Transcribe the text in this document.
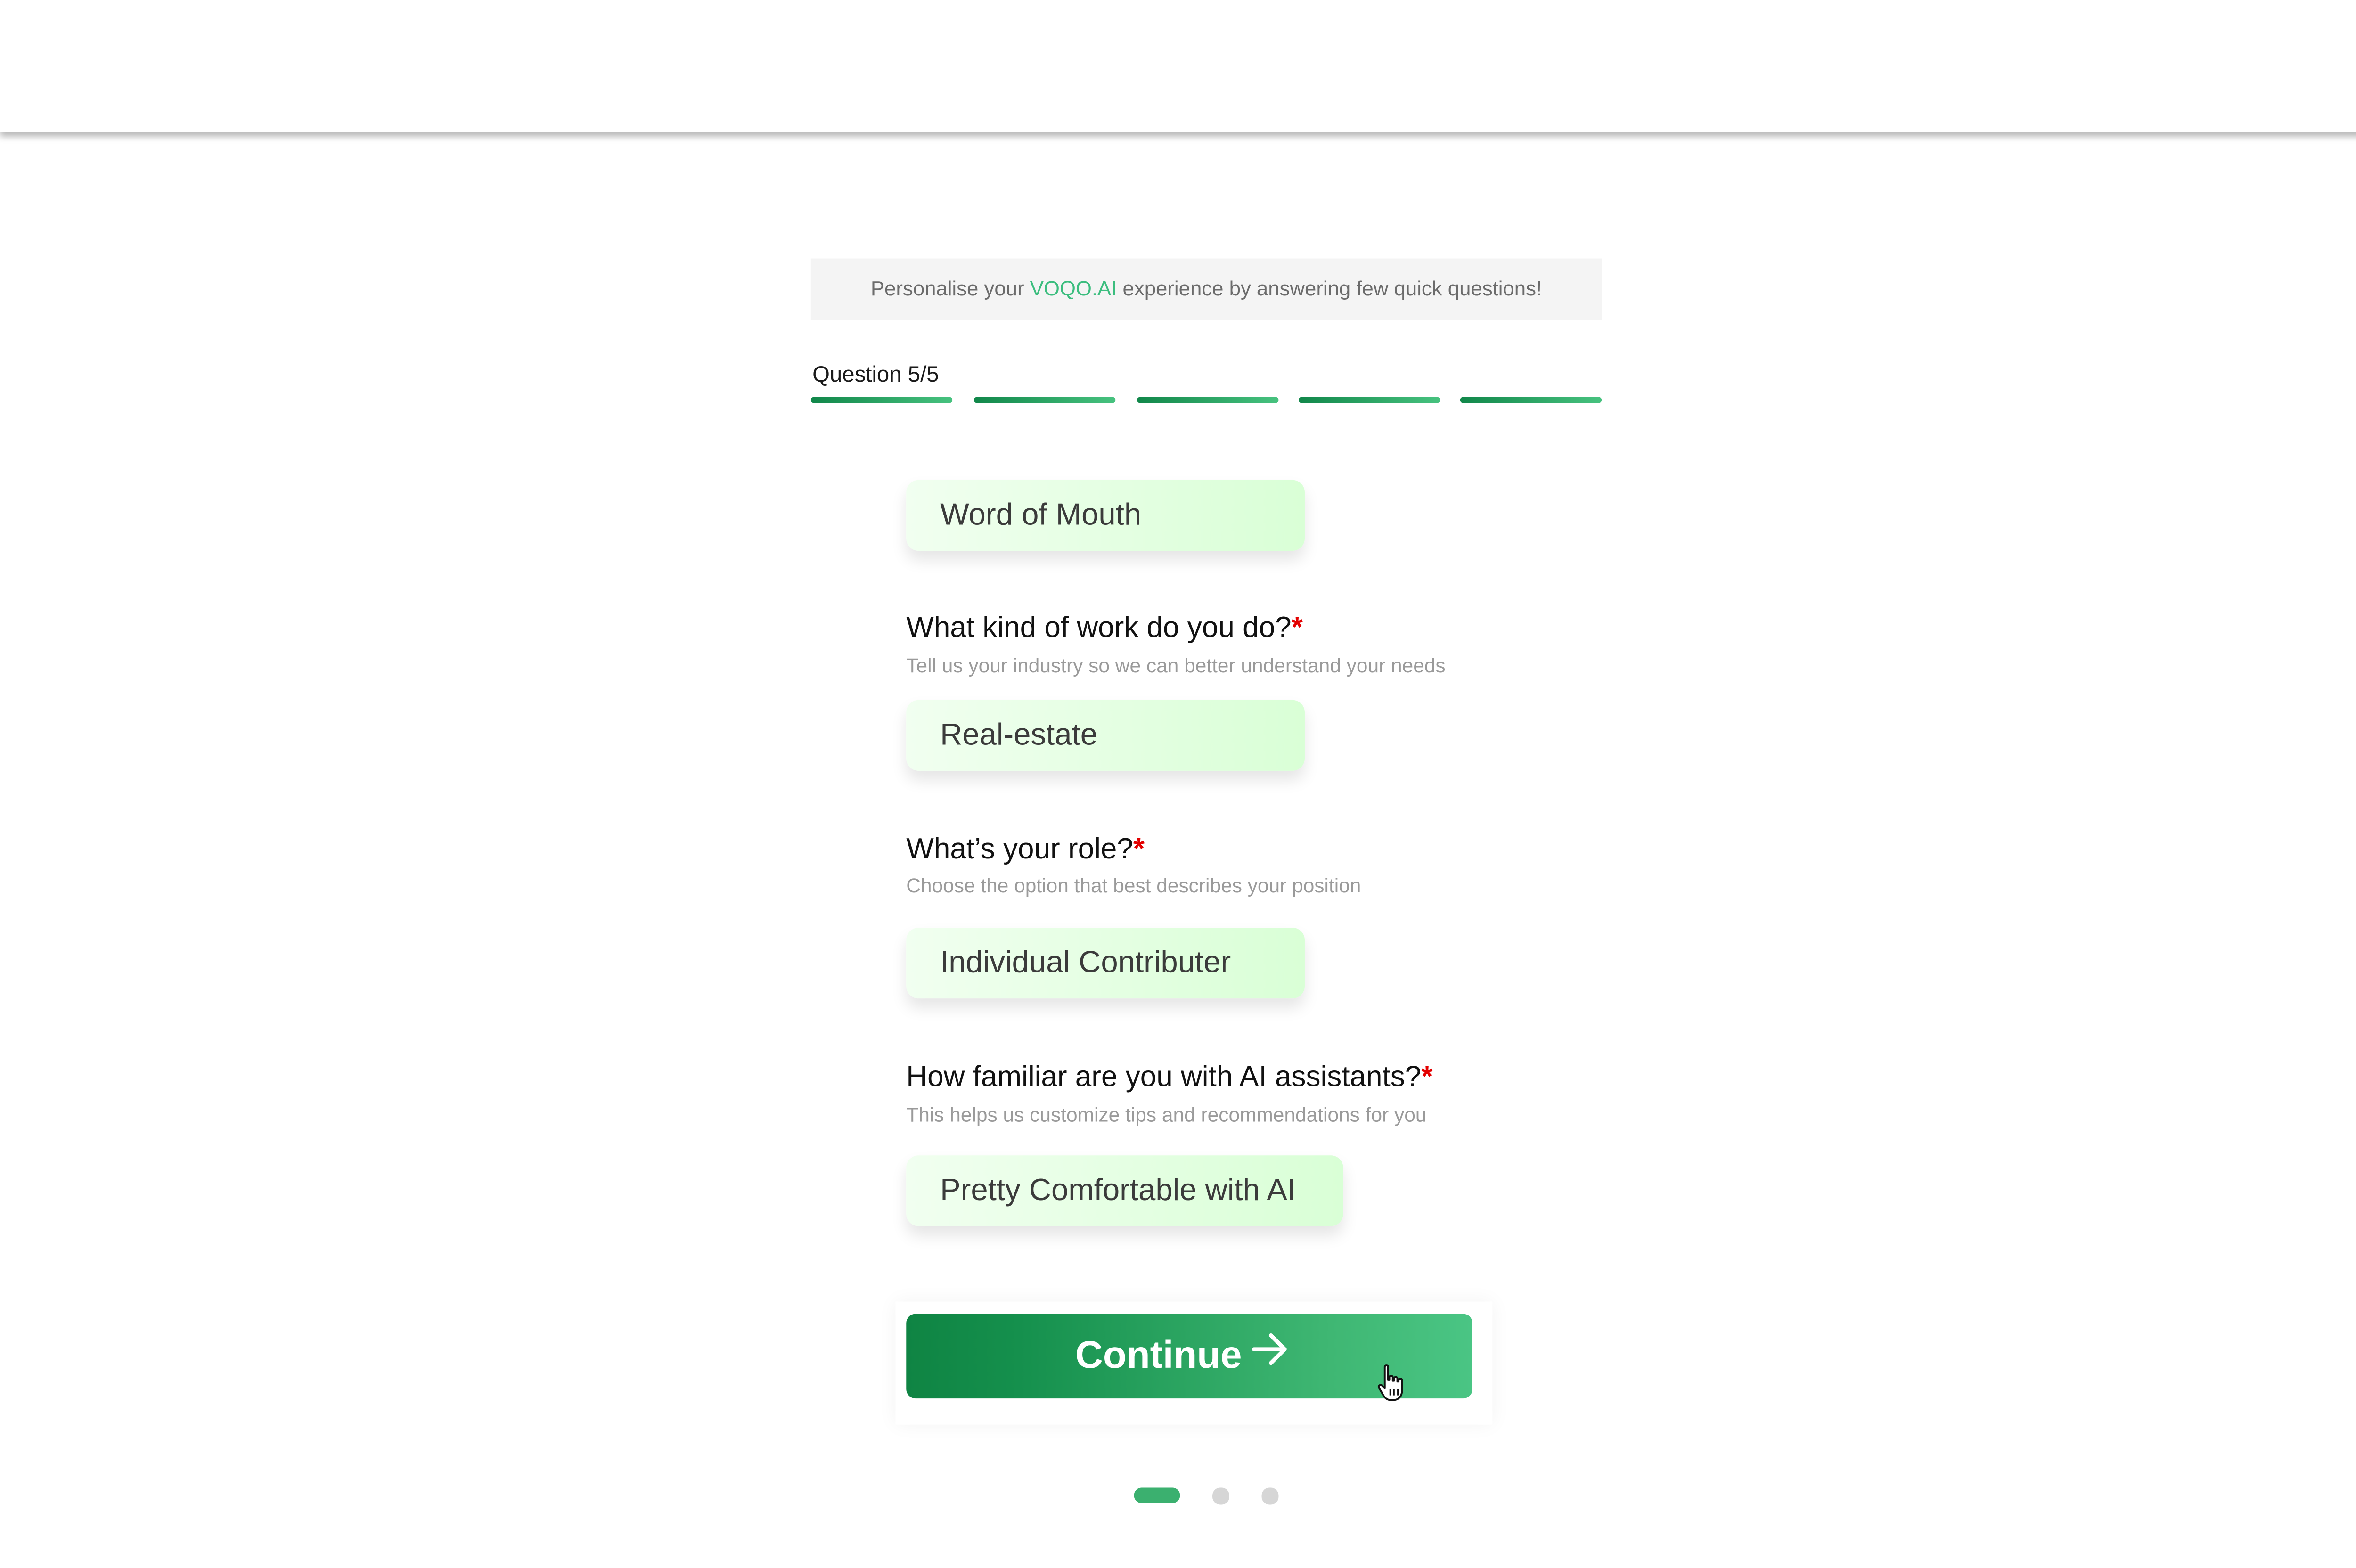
Personalise your VOQO.AI experience by answering few quick questions!
Question 5/5
Word of Mouth
What kind of work do you do?*
Tell us your industry so we can better understand your needs
Real-estate
What’s your role?*
Choose the option that best describes your position
Individual Contributer
How familiar are you with AI assistants?*
This helps us customize tips and recommendations for you
Pretty Comfortable with AI
Continue
